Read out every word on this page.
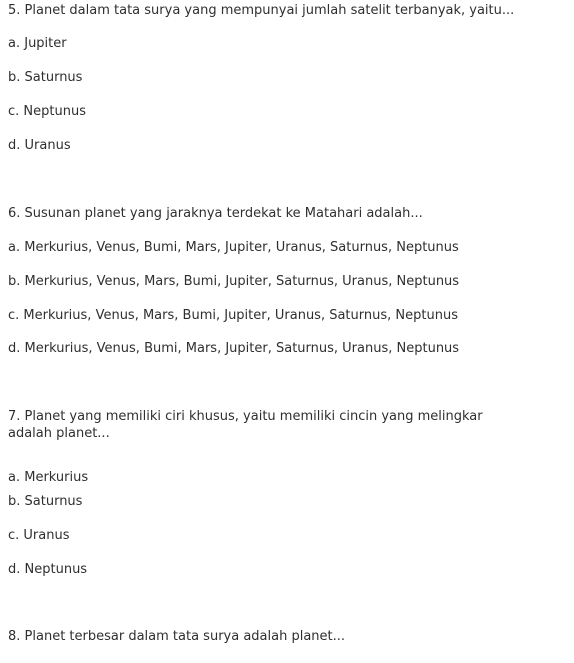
5. Planet dalam tata surya yang mempunyai jumlah satelit terbanyak, yaitu...
a. Jupiter
b. Saturnus
c. Neptunus
d. Uranus
6. Susunan planet yang jaraknya terdekat ke Matahari adalah...
a. Merkurius, Venus, Bumi, Mars, Jupiter, Uranus, Saturnus, Neptunus
b. Merkurius, Venus, Mars, Bumi, Jupiter, Saturnus, Uranus, Neptunus
c. Merkurius, Venus, Mars, Bumi, Jupiter, Uranus, Saturnus, Neptunus
d. Merkurius, Venus, Bumi, Mars, Jupiter, Saturnus, Uranus, Neptunus
7. Planet yang memiliki ciri khusus, yaitu memiliki cincin yang melingkar adalah planet...
a. Merkurius
b. Saturnus
c. Uranus
d. Neptunus
8. Planet terbesar dalam tata surya adalah planet...
